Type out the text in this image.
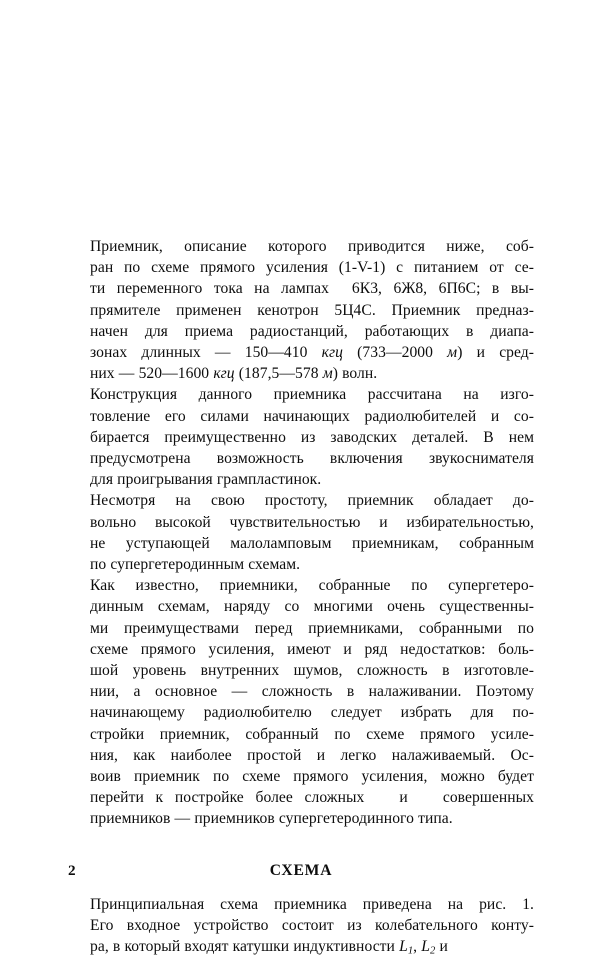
Приемник, описание которого приводится ниже, соб-
ран по схеме прямого усиления (1-V-1) с питанием от се-
ти переменного тока на лампах  6К3, 6Ж8, 6П6С; в вы-
прямителе применен кенотрон 5Ц4С. Приемник предназ-
начен для приема радиостанций, работающих в диапа-
зонах длинных — 150—410 кгц (733—2000 м) и сред-
них — 520—1600 кгц (187,5—578 м) волн.

Конструкция данного приемника рассчитана на изго-
товление его силами начинающих радиолюбителей и со-
бирается преимущественно из заводских деталей. В нем
предусмотрена возможность включения звукоснимателя
для проигрывания грампластинок.

Несмотря на свою простоту, приемник обладает до-
вольно высокой чувствительностью и избирательностью,
не уступающей малоламповым приемникам, собранным
по супергетеродинным схемам.

Как известно, приемники, собранные по супергетеро-
динным схемам, наряду со многими очень существенны-
ми преимуществами перед приемниками, собранными по
схеме прямого усиления, имеют и ряд недостатков: боль-
шой уровень внутренних шумов, сложность в изготовле-
нии, а основное — сложность в налаживании. Поэтому
начинающему радиолюбителю следует избрать для по-
стройки приемник, собранный по схеме прямого усиле-
ния, как наиболее простой и легко налаживаемый. Ос-
воив приемник по схеме прямого усиления, можно будет
перейти к постройке более сложных   и   совершенных
приемников — приемников супергетеродинного типа.

СХЕМА

Принципиальная схема приемника приведена на рис. 1.
Его входное устройство состоит из колебательного конту-
ра, в который входят катушки индуктивности $L_1$, $L_2$ и

2
